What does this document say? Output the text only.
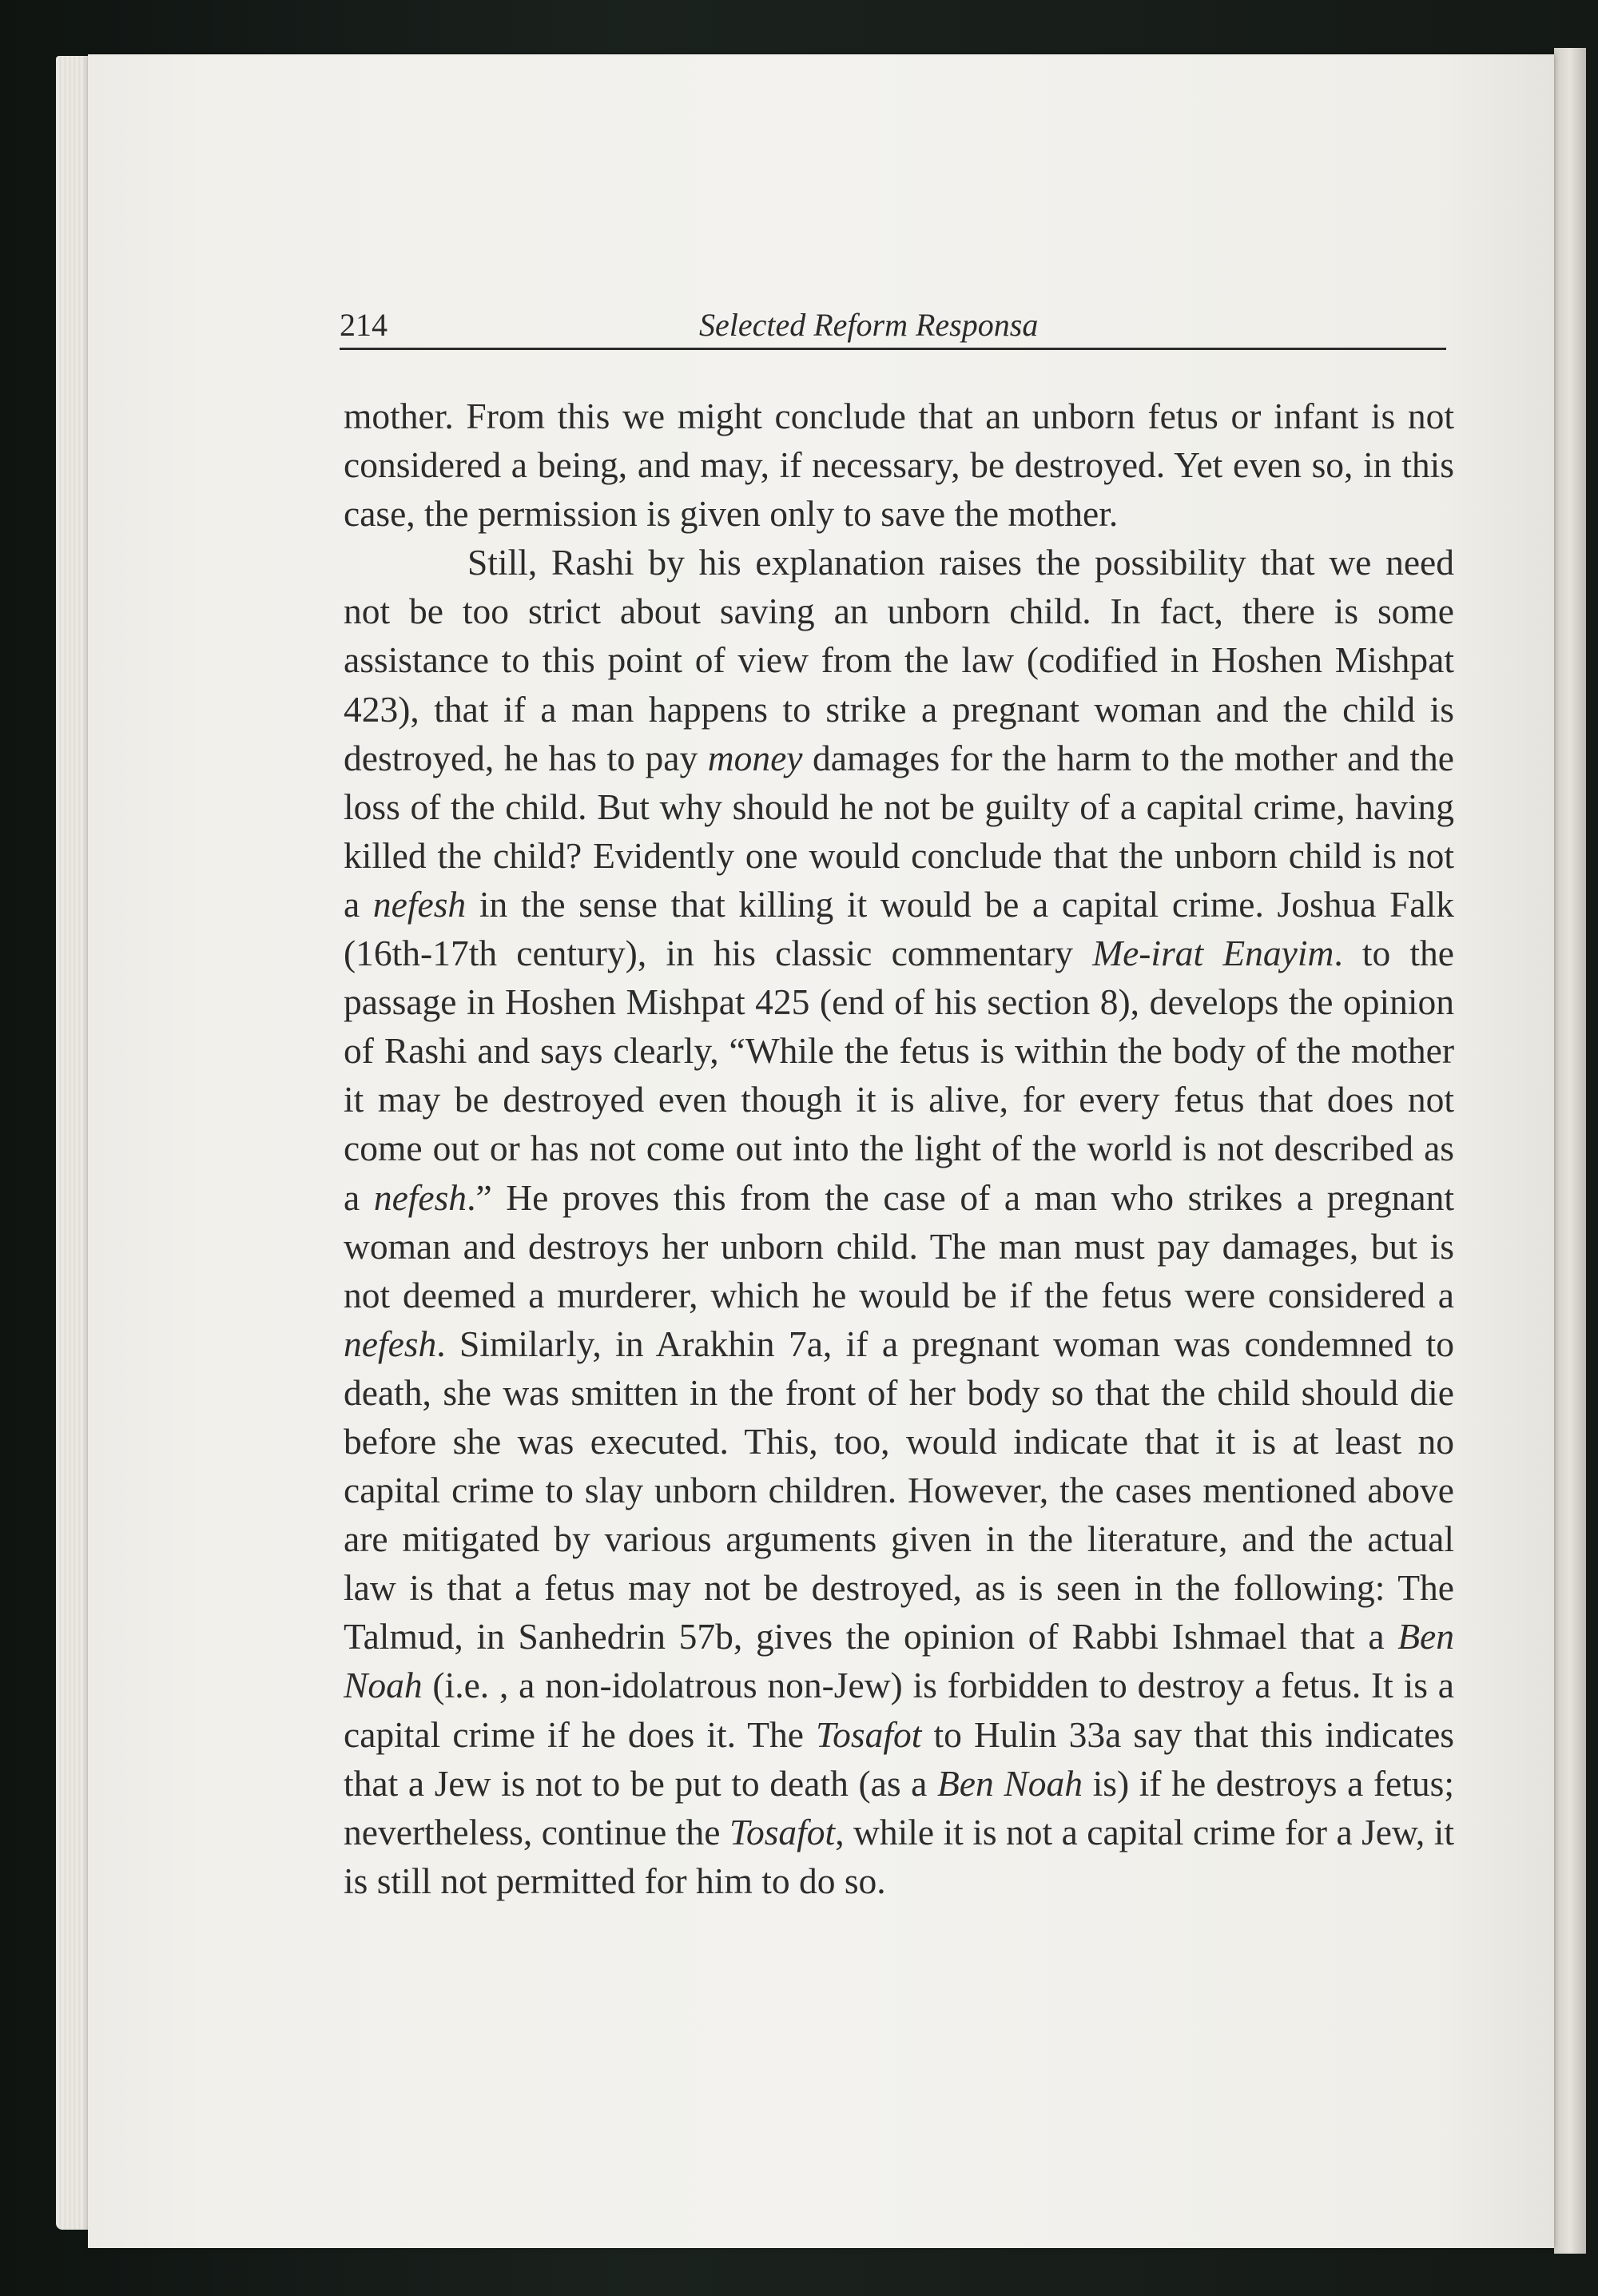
214	Selected Reform Responsa

mother. From this we might conclude that an unborn fetus or infant is not considered a being, and may, if necessary, be destroyed. Yet even so, in this case, the permission is given only to save the mother.

Still, Rashi by his explanation raises the possibility that we need not be too strict about saving an unborn child. In fact, there is some assistance to this point of view from the law (codified in Hoshen Mishpat 423), that if a man happens to strike a pregnant woman and the child is destroyed, he has to pay money damages for the harm to the mother and the loss of the child. But why should he not be guilty of a capital crime, having killed the child? Evidently one would conclude that the unborn child is not a nefesh in the sense that killing it would be a capital crime. Joshua Falk (16th-17th century), in his classic commentary Me-irat Enayim. to the passage in Hoshen Mishpat 425 (end of his section 8), develops the opinion of Rashi and says clearly, “While the fetus is within the body of the mother it may be destroyed even though it is alive, for every fetus that does not come out or has not come out into the light of the world is not described as a nefesh.” He proves this from the case of a man who strikes a pregnant woman and destroys her unborn child. The man must pay damages, but is not deemed a murderer, which he would be if the fetus were considered a nefesh. Similarly, in Arakhin 7a, if a pregnant woman was condemned to death, she was smitten in the front of her body so that the child should die before she was executed. This, too, would indicate that it is at least no capital crime to slay unborn children. However, the cases mentioned above are mitigated by various arguments given in the literature, and the actual law is that a fetus may not be destroyed, as is seen in the following: The Talmud, in Sanhedrin 57b, gives the opinion of Rabbi Ishmael that a Ben Noah (i.e. , a non-idolatrous non-Jew) is forbidden to destroy a fetus. It is a capital crime if he does it. The Tosafot to Hulin 33a say that this indicates that a Jew is not to be put to death (as a Ben Noah is) if he destroys a fetus; nevertheless, continue the Tosafot, while it is not a capital crime for a Jew, it is still not permitted for him to do so.
